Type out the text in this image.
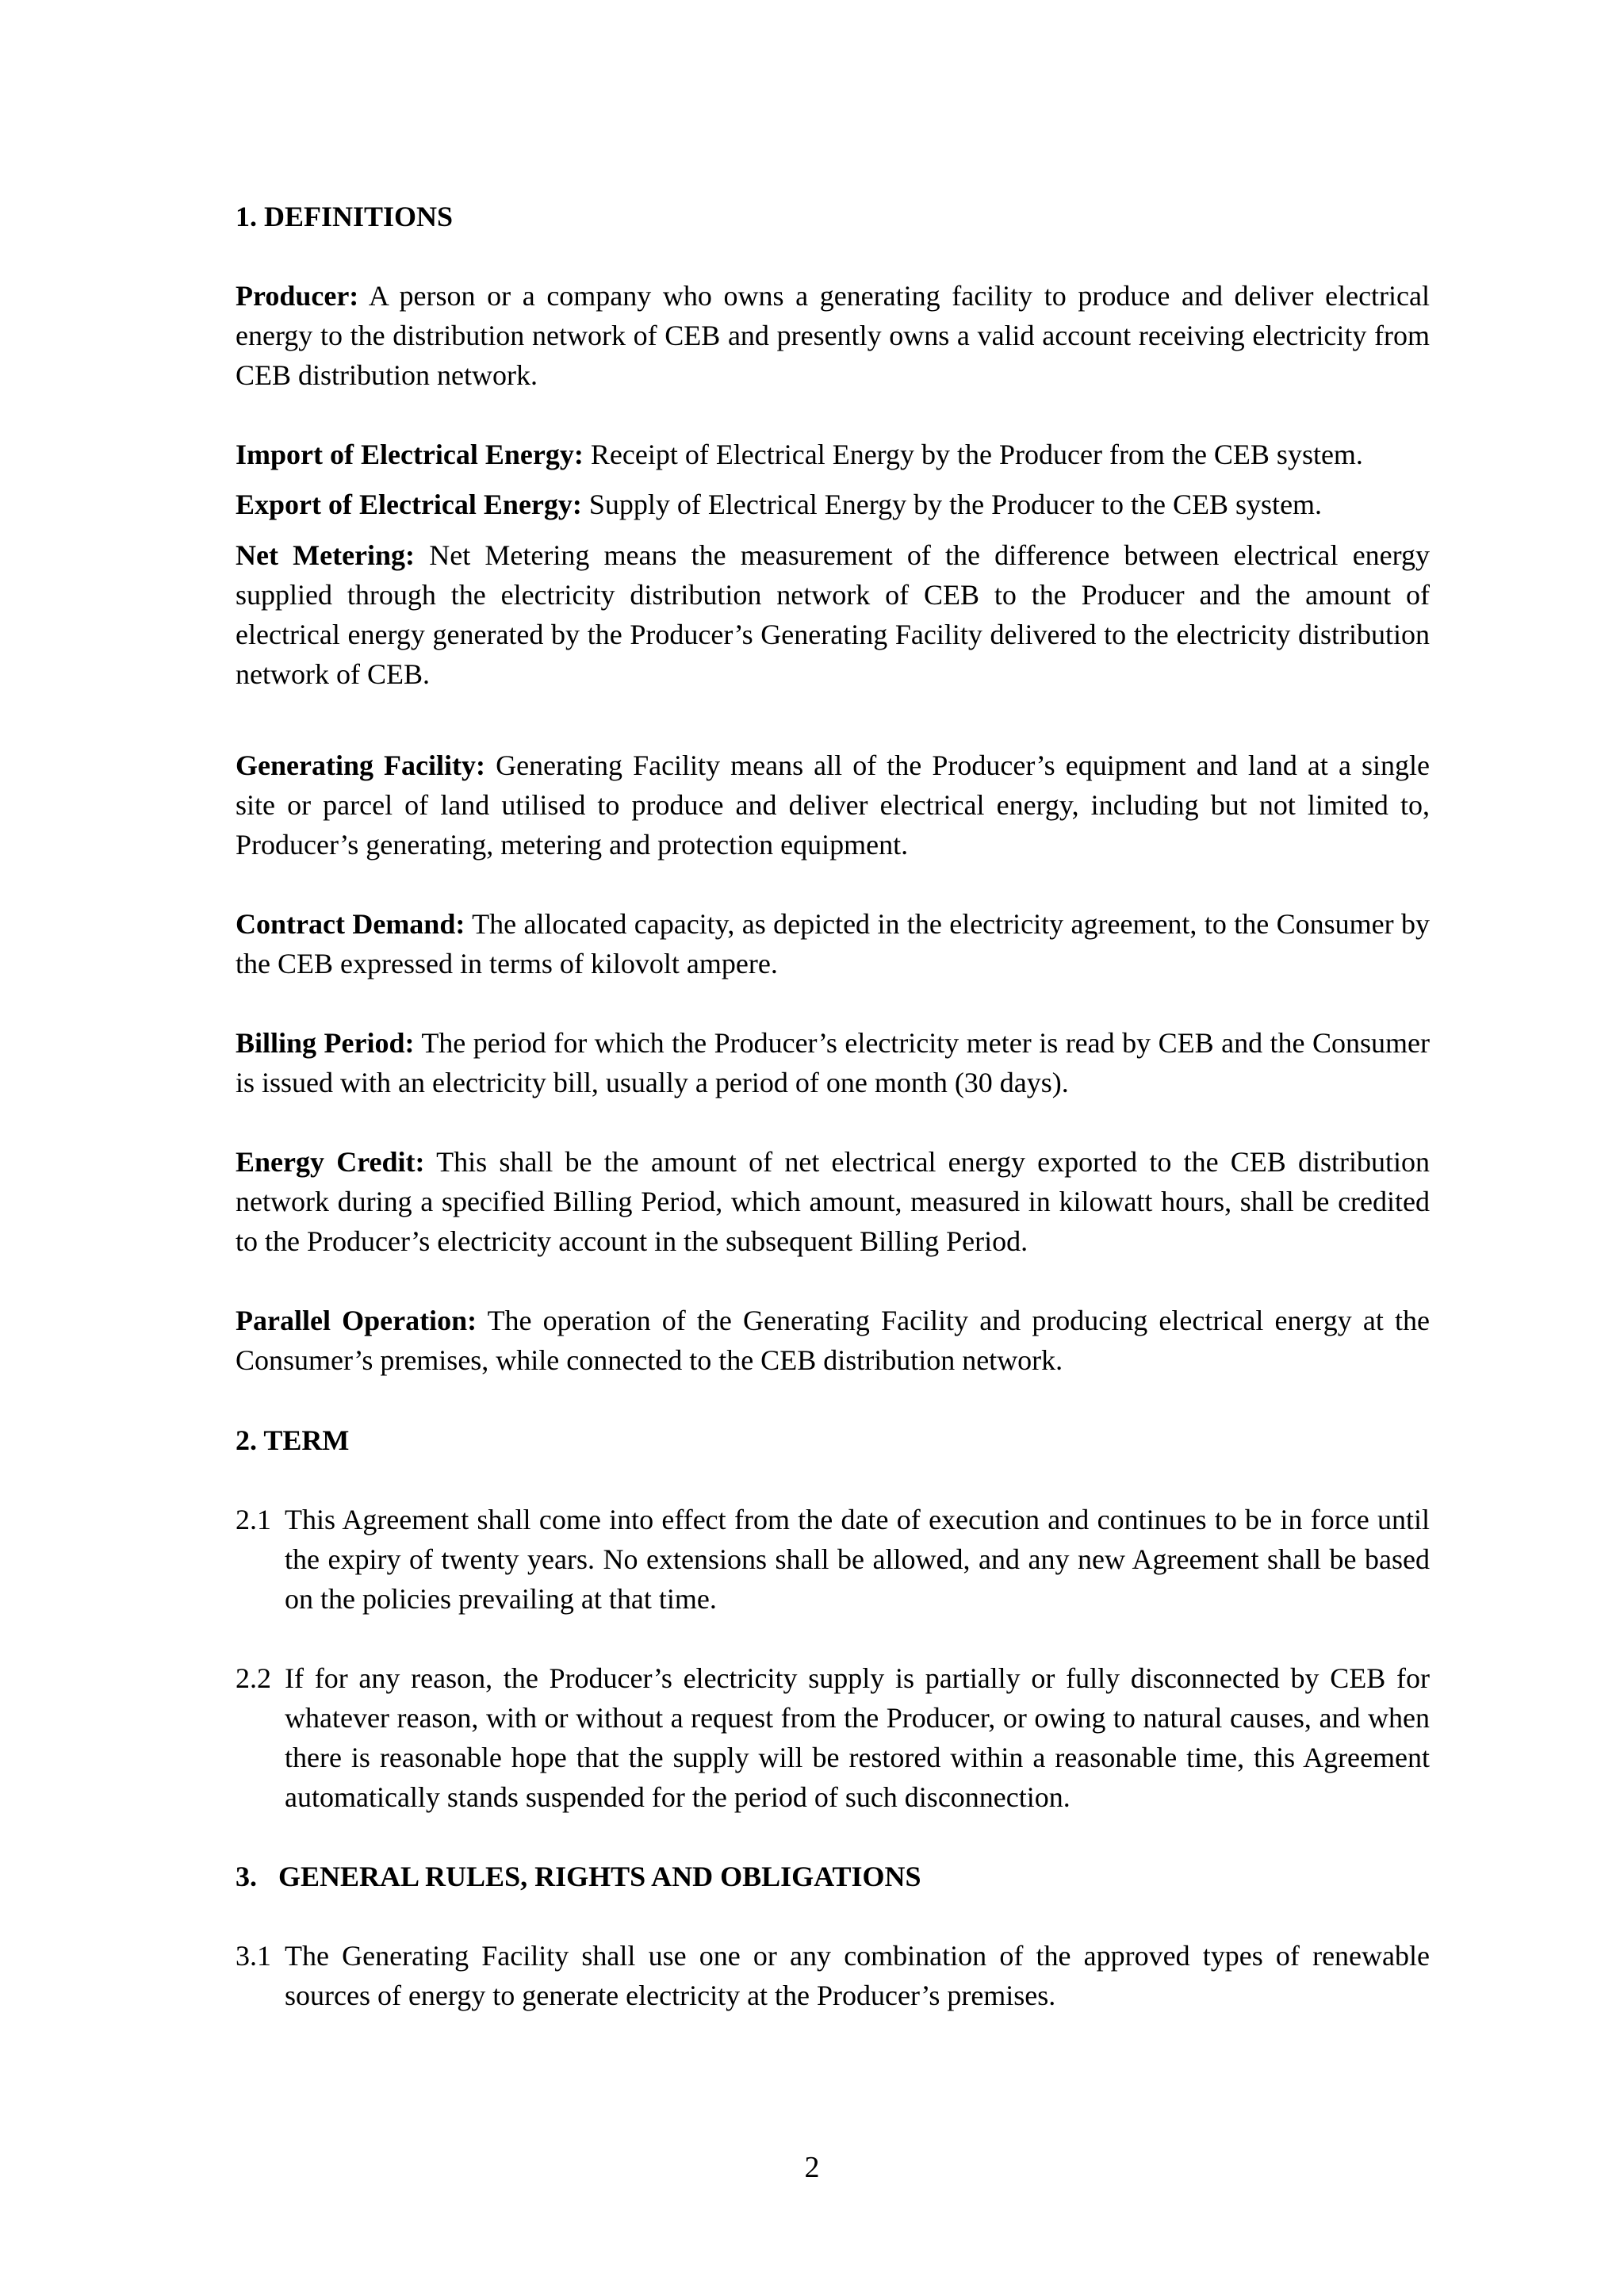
1. DEFINITIONS

Producer: A person or a company who owns a generating facility to produce and deliver electrical energy to the distribution network of CEB and presently owns a valid account receiving electricity from CEB distribution network.

Import of Electrical Energy: Receipt of Electrical Energy by the Producer from the CEB system.

Export of Electrical Energy: Supply of Electrical Energy by the Producer to the CEB system.

Net Metering: Net Metering means the measurement of the difference between electrical energy supplied through the electricity distribution network of CEB to the Producer and the amount of electrical energy generated by the Producer’s Generating Facility delivered to the electricity distribution network of CEB.

Generating Facility: Generating Facility means all of the Producer’s equipment and land at a single site or parcel of land utilised to produce and deliver electrical energy, including but not limited to, Producer’s generating, metering and protection equipment.

Contract Demand: The allocated capacity, as depicted in the electricity agreement, to the Consumer by the CEB expressed in terms of kilovolt ampere.

Billing Period: The period for which the Producer’s electricity meter is read by CEB and the Consumer is issued with an electricity bill, usually a period of one month (30 days).

Energy Credit: This shall be the amount of net electrical energy exported to the CEB distribution network during a specified Billing Period, which amount, measured in kilowatt hours, shall be credited to the Producer’s electricity account in the subsequent Billing Period.

Parallel Operation: The operation of the Generating Facility and producing electrical energy at the Consumer’s premises, while connected to the CEB distribution network.

2. TERM

2.1 This Agreement shall come into effect from the date of execution and continues to be in force until the expiry of twenty years. No extensions shall be allowed, and any new Agreement shall be based on the policies prevailing at that time.
2.2 If for any reason, the Producer’s electricity supply is partially or fully disconnected by CEB for whatever reason, with or without a request from the Producer, or owing to natural causes, and when there is reasonable hope that the supply will be restored within a reasonable time, this Agreement automatically stands suspended for the period of such disconnection.

3.   GENERAL RULES, RIGHTS AND OBLIGATIONS

3.1 The Generating Facility shall use one or any combination of the approved types of renewable sources of energy to generate electricity at the Producer’s premises.
2
